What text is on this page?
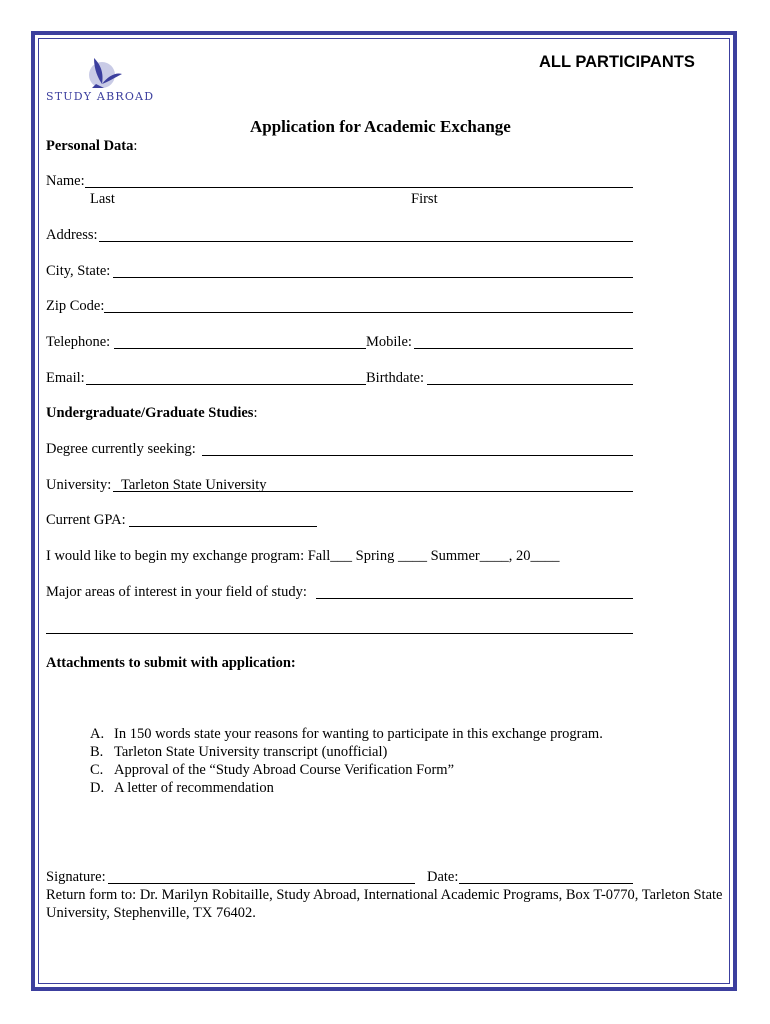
STUDY ABROAD
ALL PARTICIPANTS
Application for Academic Exchange
Personal Data:
Name:
Last	First
Address:
City, State:
Zip Code:
Telephone:	Mobile:
Email:	Birthdate:
Undergraduate/Graduate Studies:
Degree currently seeking:
University: Tarleton State University
Current GPA:
I would like to begin my exchange program: Fall___ Spring ____ Summer____, 20____
Major areas of interest in your field of study:
Attachments to submit with application:
A. In 150 words state your reasons for wanting to participate in this exchange program.
B. Tarleton State University transcript (unofficial)
C. Approval of the “Study Abroad Course Verification Form”
D. A letter of recommendation
Signature:	Date:
Return form to: Dr. Marilyn Robitaille, Study Abroad, International Academic Programs, Box T-0770, Tarleton State University, Stephenville, TX 76402.
